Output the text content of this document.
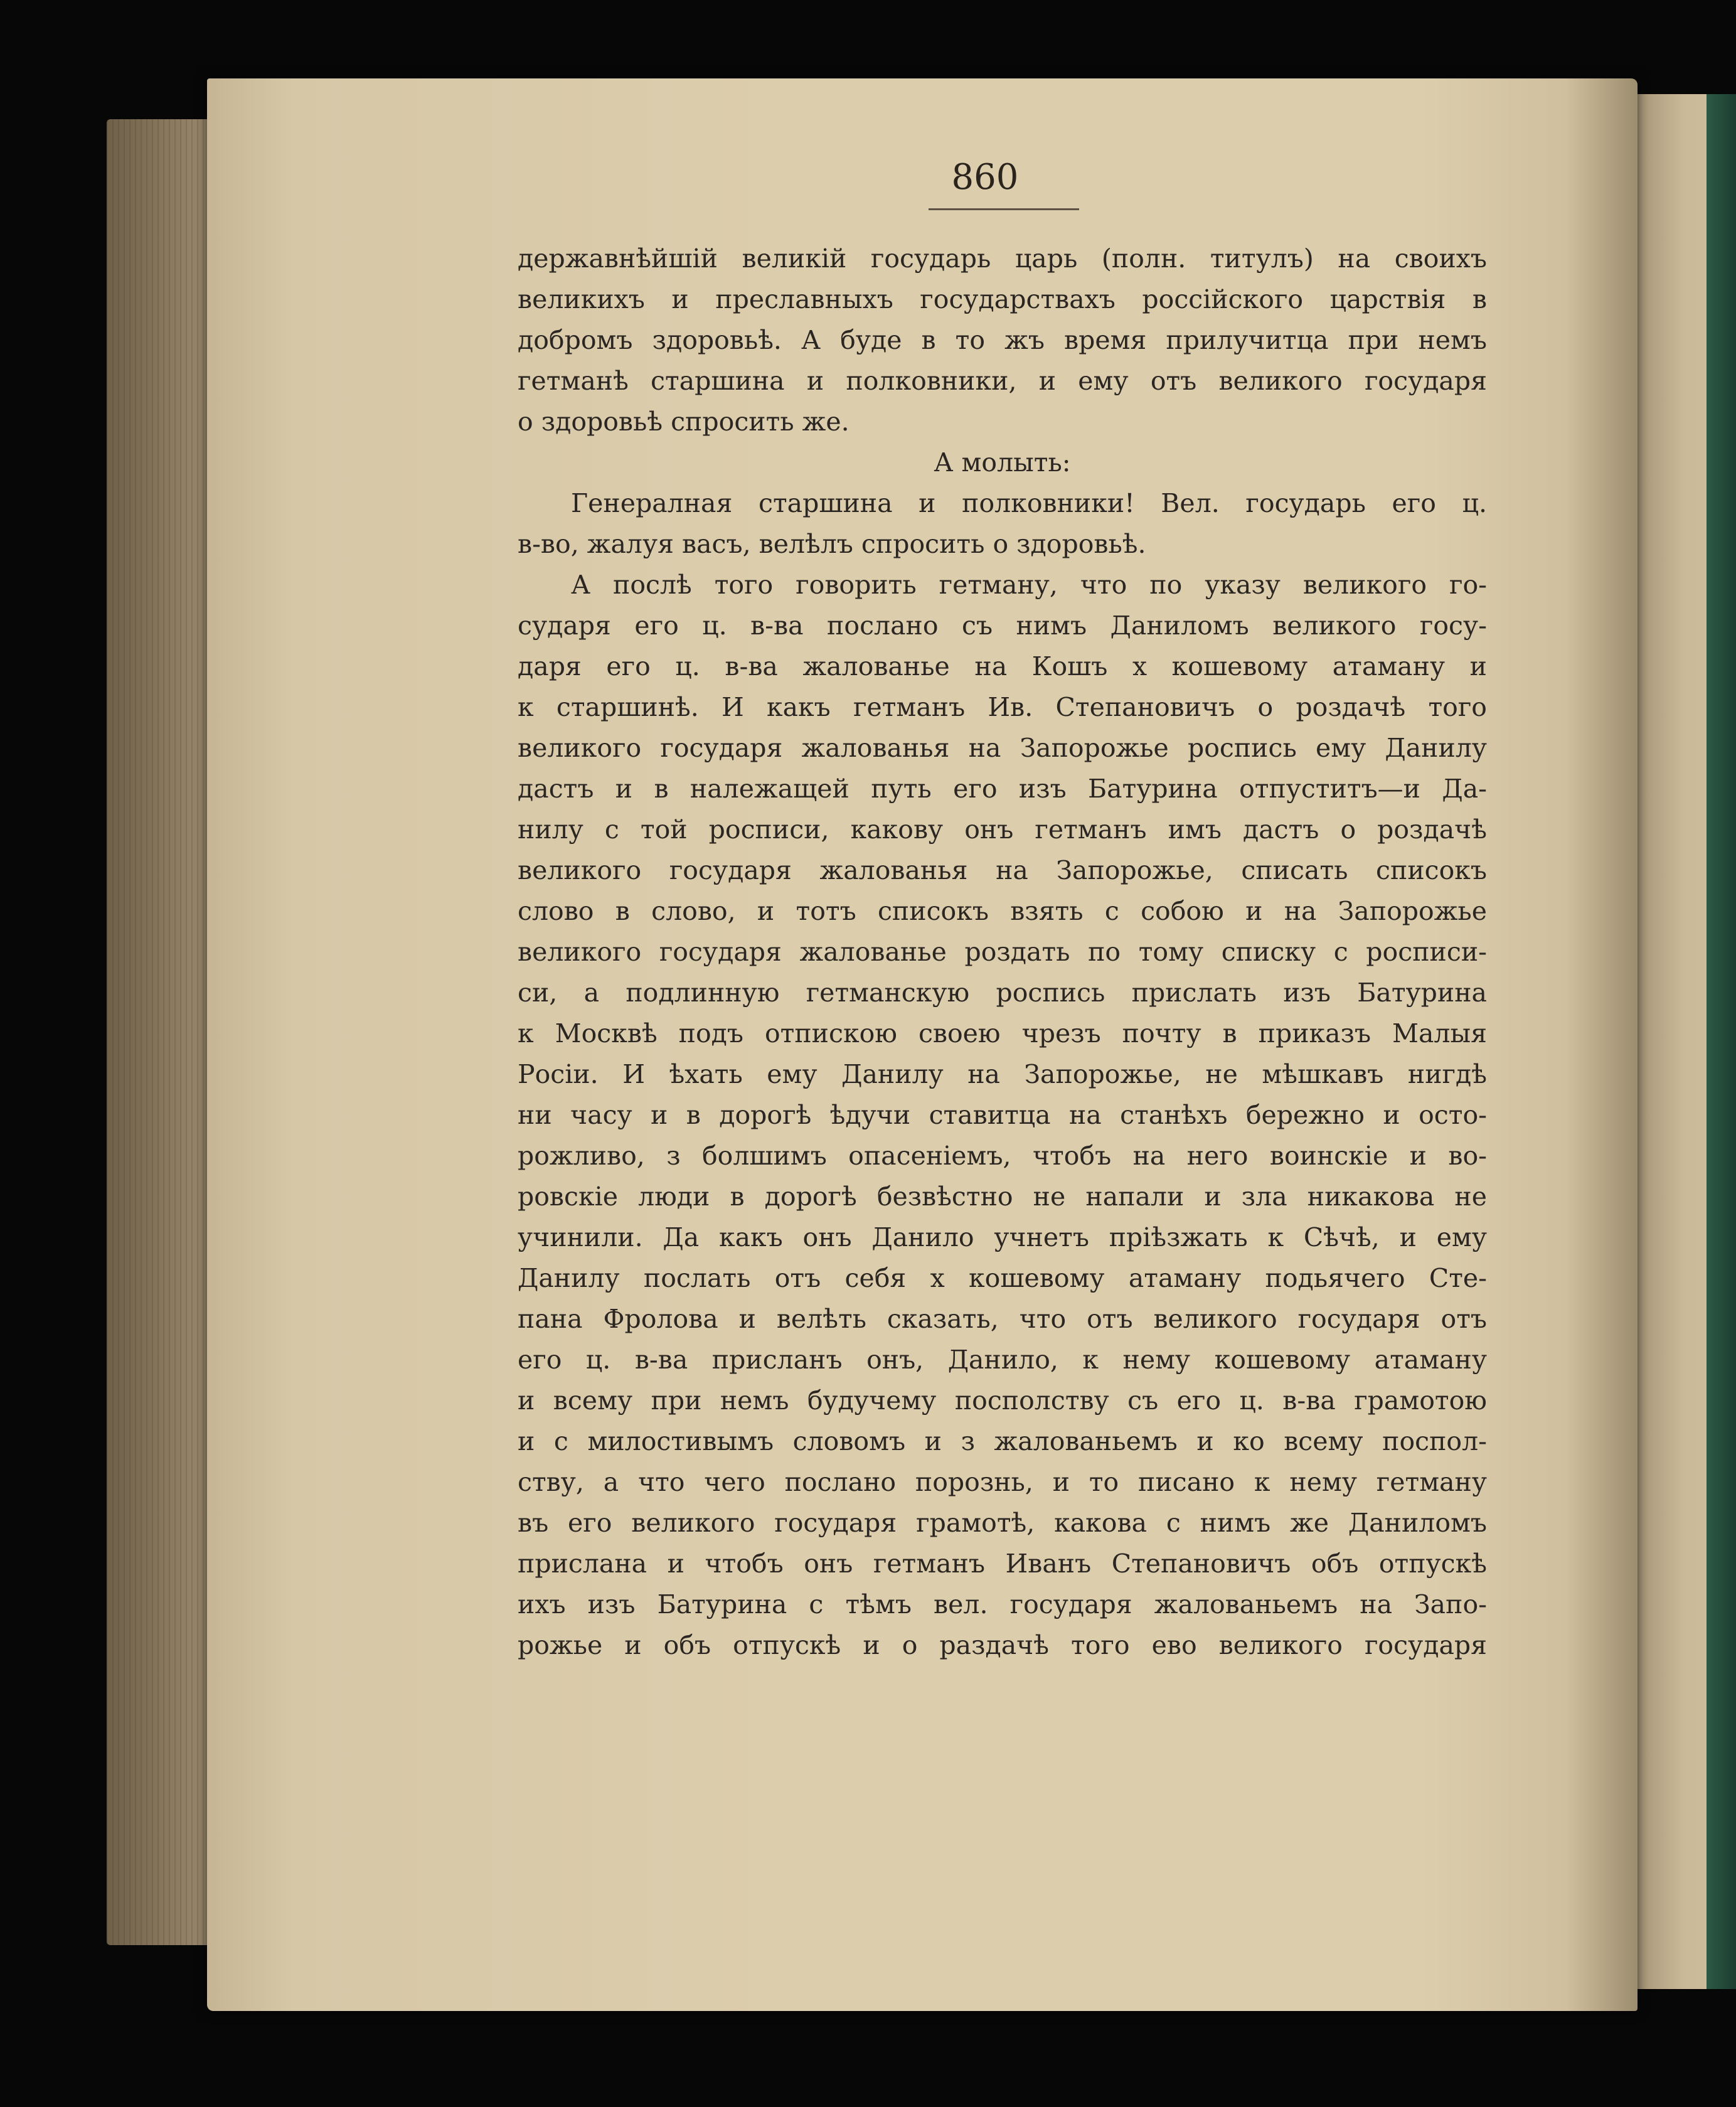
860
державнѣйшій великій государь царь (полн. титулъ) на своихъ
великихъ и преславныхъ государствахъ россійского царствія в
добромъ здоровьѣ. А буде в то жъ время прилучитца при немъ
гетманѣ старшина и полковники, и ему отъ великого государя
о здоровьѣ спросить же.
А молыть:
Генералная старшина и полковники! Вел. государь его ц.
в-во, жалуя васъ, велѣлъ спросить о здоровьѣ.
А послѣ того говорить гетману, что по указу великого го-
сударя его ц. в-ва послано съ нимъ Даниломъ великого госу-
даря его ц. в-ва жалованье на Кошъ х кошевому атаману и
к старшинѣ. И какъ гетманъ Ив. Степановичъ о роздачѣ того
великого государя жалованья на Запорожье роспись ему Данилу
дастъ и в належащей путь его изъ Батурина отпуститъ—и Да-
нилу с той росписи, какову онъ гетманъ имъ дастъ о роздачѣ
великого государя жалованья на Запорожье, списать списокъ
слово в слово, и тотъ списокъ взять с собою и на Запорожье
великого государя жалованье роздать по тому списку с росписи-
си, а подлинную гетманскую роспись прислать изъ Батурина
к Москвѣ подъ отпискою своею чрезъ почту в приказъ Малыя
Росіи. И ѣхать ему Данилу на Запорожье, не мѣшкавъ нигдѣ
ни часу и в дорогѣ ѣдучи ставитца на станѣхъ бережно и осто-
рожливо, з болшимъ опасеніемъ, чтобъ на него воинскіе и во-
ровскіе люди в дорогѣ безвѣстно не напали и зла никакова не
учинили. Да какъ онъ Данило учнетъ пріѣзжать к Сѣчѣ, и ему
Данилу послать отъ себя х кошевому атаману подьячего Сте-
пана Фролова и велѣть сказать, что отъ великого государя отъ
его ц. в-ва присланъ онъ, Данило, к нему кошевому атаману
и всему при немъ будучему посполству съ его ц. в-ва грамотою
и с милостивымъ словомъ и з жалованьемъ и ко всему поспол-
ству, а что чего послано порознь, и то писано к нему гетману
въ его великого государя грамотѣ, какова с нимъ же Даниломъ
прислана и чтобъ онъ гетманъ Иванъ Степановичъ объ отпускѣ
ихъ изъ Батурина с тѣмъ вел. государя жалованьемъ на Запо-
рожье и объ отпускѣ и о раздачѣ того ево великого государя
